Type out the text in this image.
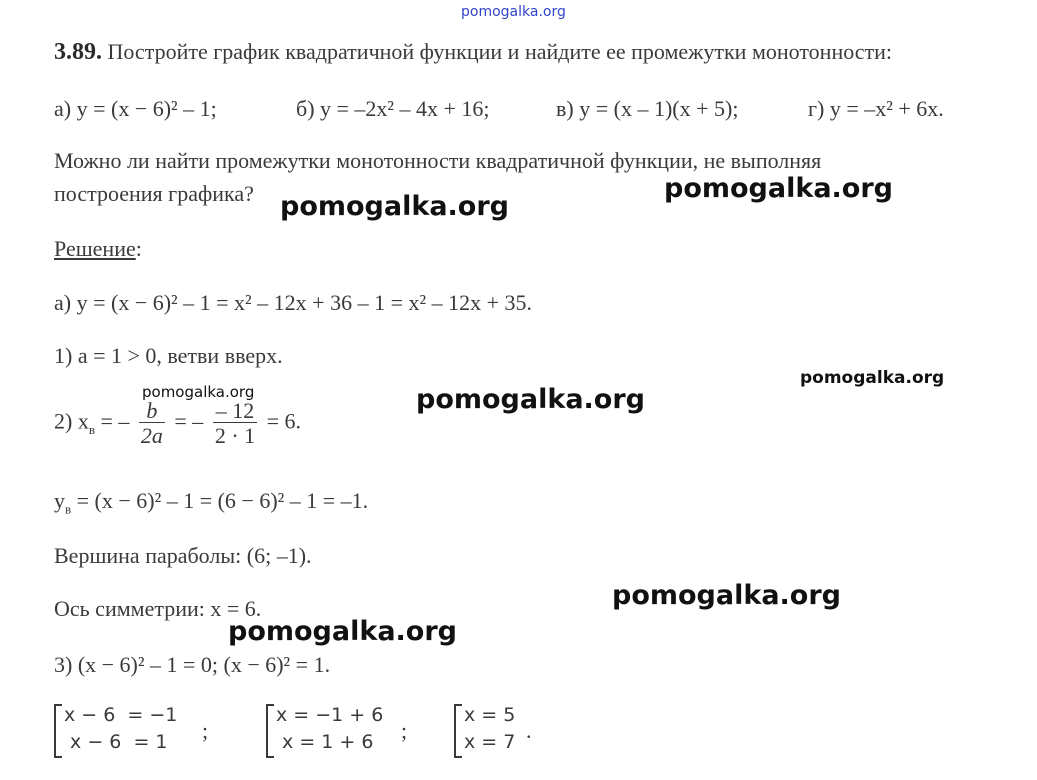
pomogalka.org
3.89. Постройте график квадратичной функции и найдите ее промежутки монотонности:
а) у = (х − 6)² – 1;	б) у = –2х² – 4х + 16;	в) у = (х – 1)(х + 5);	г) у = –х² + 6х.
Можно ли найти промежутки монотонности квадратичной функции, не выполняя
построения графика?	pomogalka.org
pomogalka.org
Решение:
а) у = (х − 6)² – 1 = х² – 12х + 36 – 1 = х² – 12х + 35.
1) а = 1 > 0, ветви вверх.
pomogalka.org
pomogalka.org	pomogalka.org
2) $х_в$ = – $\frac{b}{2a}$ = – $\frac{- 12}{2 \cdot 1} = 6$.
$у_в = (х - 6)^2 - 1 = (6 - 6)^2 - 1 = -1$.
Вершина параболы: (6; –1).
pomogalka.org
Ось симметрии: х = 6.
pomogalka.org
3) (х − 6)² – 1 = 0; (х − 6)² = 1.
х − 6  = −1
х − 6  = 1	;
х = −1 + 6
х = 1 + 6	;
х = 5
х = 7 .
